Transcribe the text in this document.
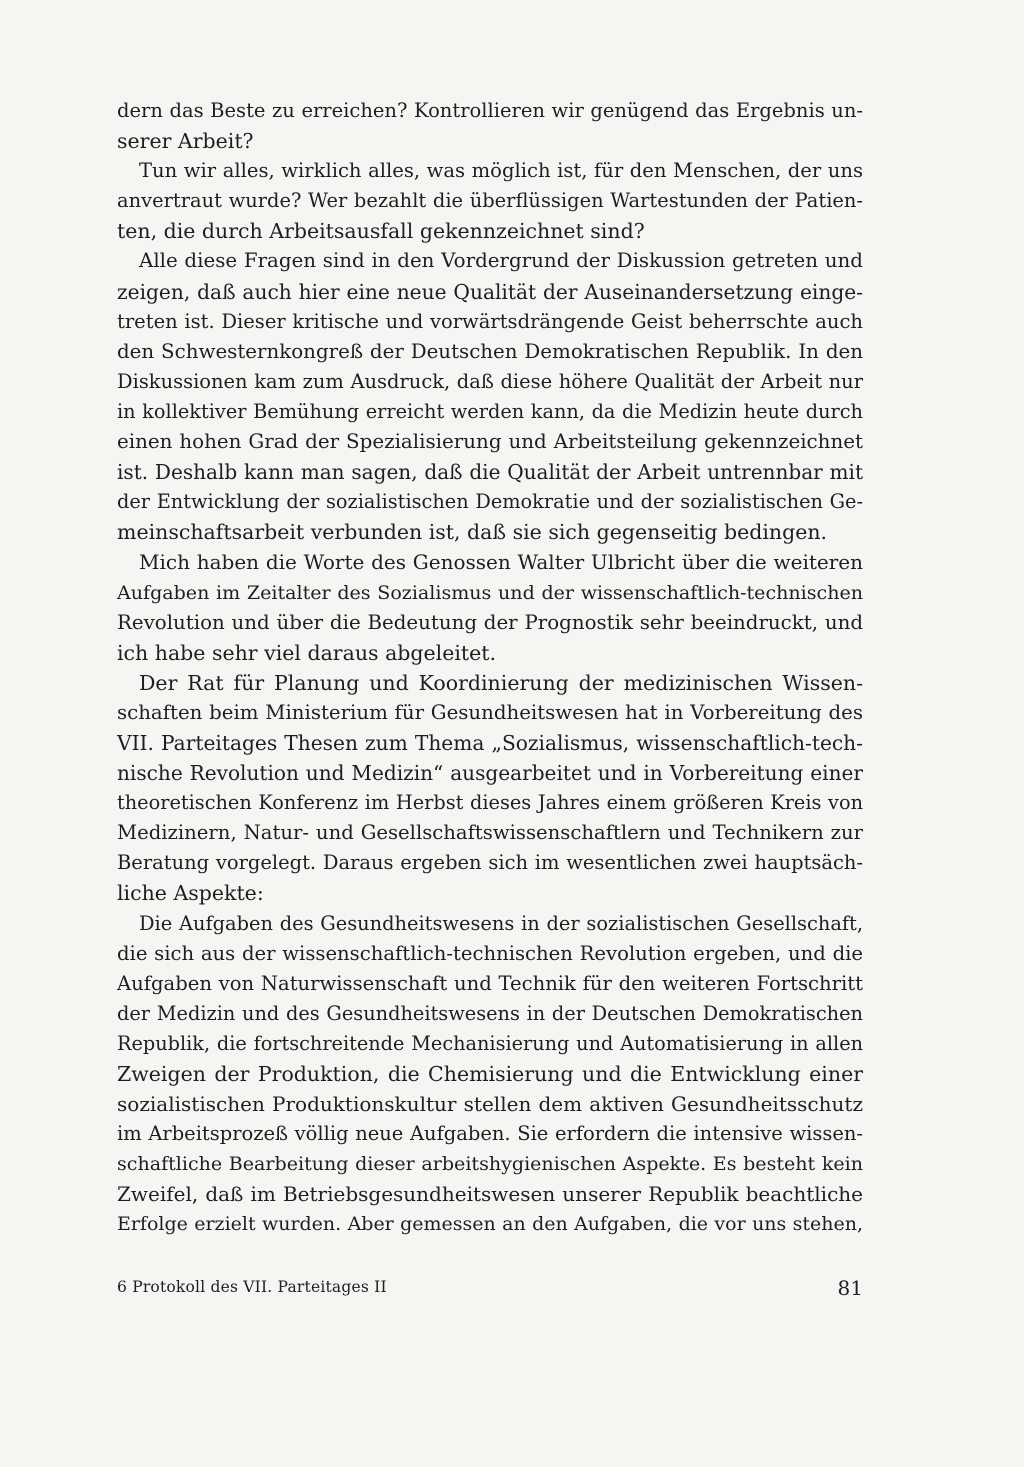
dern das Beste zu erreichen? Kontrollieren wir genügend das Ergebnis un-
serer Arbeit?
Tun wir alles, wirklich alles, was möglich ist, für den Menschen, der uns
anvertraut wurde? Wer bezahlt die überflüssigen Wartestunden der Patien-
ten, die durch Arbeitsausfall gekennzeichnet sind?
Alle diese Fragen sind in den Vordergrund der Diskussion getreten und
zeigen, daß auch hier eine neue Qualität der Auseinandersetzung einge-
treten ist. Dieser kritische und vorwärtsdrängende Geist beherrschte auch
den Schwesternkongreß der Deutschen Demokratischen Republik. In den
Diskussionen kam zum Ausdruck, daß diese höhere Qualität der Arbeit nur
in kollektiver Bemühung erreicht werden kann, da die Medizin heute durch
einen hohen Grad der Spezialisierung und Arbeitsteilung gekennzeichnet
ist. Deshalb kann man sagen, daß die Qualität der Arbeit untrennbar mit
der Entwicklung der sozialistischen Demokratie und der sozialistischen Ge-
meinschaftsarbeit verbunden ist, daß sie sich gegenseitig bedingen.
Mich haben die Worte des Genossen Walter Ulbricht über die weiteren
Aufgaben im Zeitalter des Sozialismus und der wissenschaftlich-technischen
Revolution und über die Bedeutung der Prognostik sehr beeindruckt, und
ich habe sehr viel daraus abgeleitet.
Der Rat für Planung und Koordinierung der medizinischen Wissen-
schaften beim Ministerium für Gesundheitswesen hat in Vorbereitung des
VII. Parteitages Thesen zum Thema „Sozialismus, wissenschaftlich-tech-
nische Revolution und Medizin“ ausgearbeitet und in Vorbereitung einer
theoretischen Konferenz im Herbst dieses Jahres einem größeren Kreis von
Medizinern, Natur- und Gesellschaftswissenschaftlern und Technikern zur
Beratung vorgelegt. Daraus ergeben sich im wesentlichen zwei hauptsäch-
liche Aspekte:
Die Aufgaben des Gesundheitswesens in der sozialistischen Gesellschaft,
die sich aus der wissenschaftlich-technischen Revolution ergeben, und die
Aufgaben von Naturwissenschaft und Technik für den weiteren Fortschritt
der Medizin und des Gesundheitswesens in der Deutschen Demokratischen
Republik, die fortschreitende Mechanisierung und Automatisierung in allen
Zweigen der Produktion, die Chemisierung und die Entwicklung einer
sozialistischen Produktionskultur stellen dem aktiven Gesundheitsschutz
im Arbeitsprozeß völlig neue Aufgaben. Sie erfordern die intensive wissen-
schaftliche Bearbeitung dieser arbeitshygienischen Aspekte. Es besteht kein
Zweifel, daß im Betriebsgesundheitswesen unserer Republik beachtliche
Erfolge erzielt wurden. Aber gemessen an den Aufgaben, die vor uns stehen,
6 Protokoll des VII. Parteitages II	81
